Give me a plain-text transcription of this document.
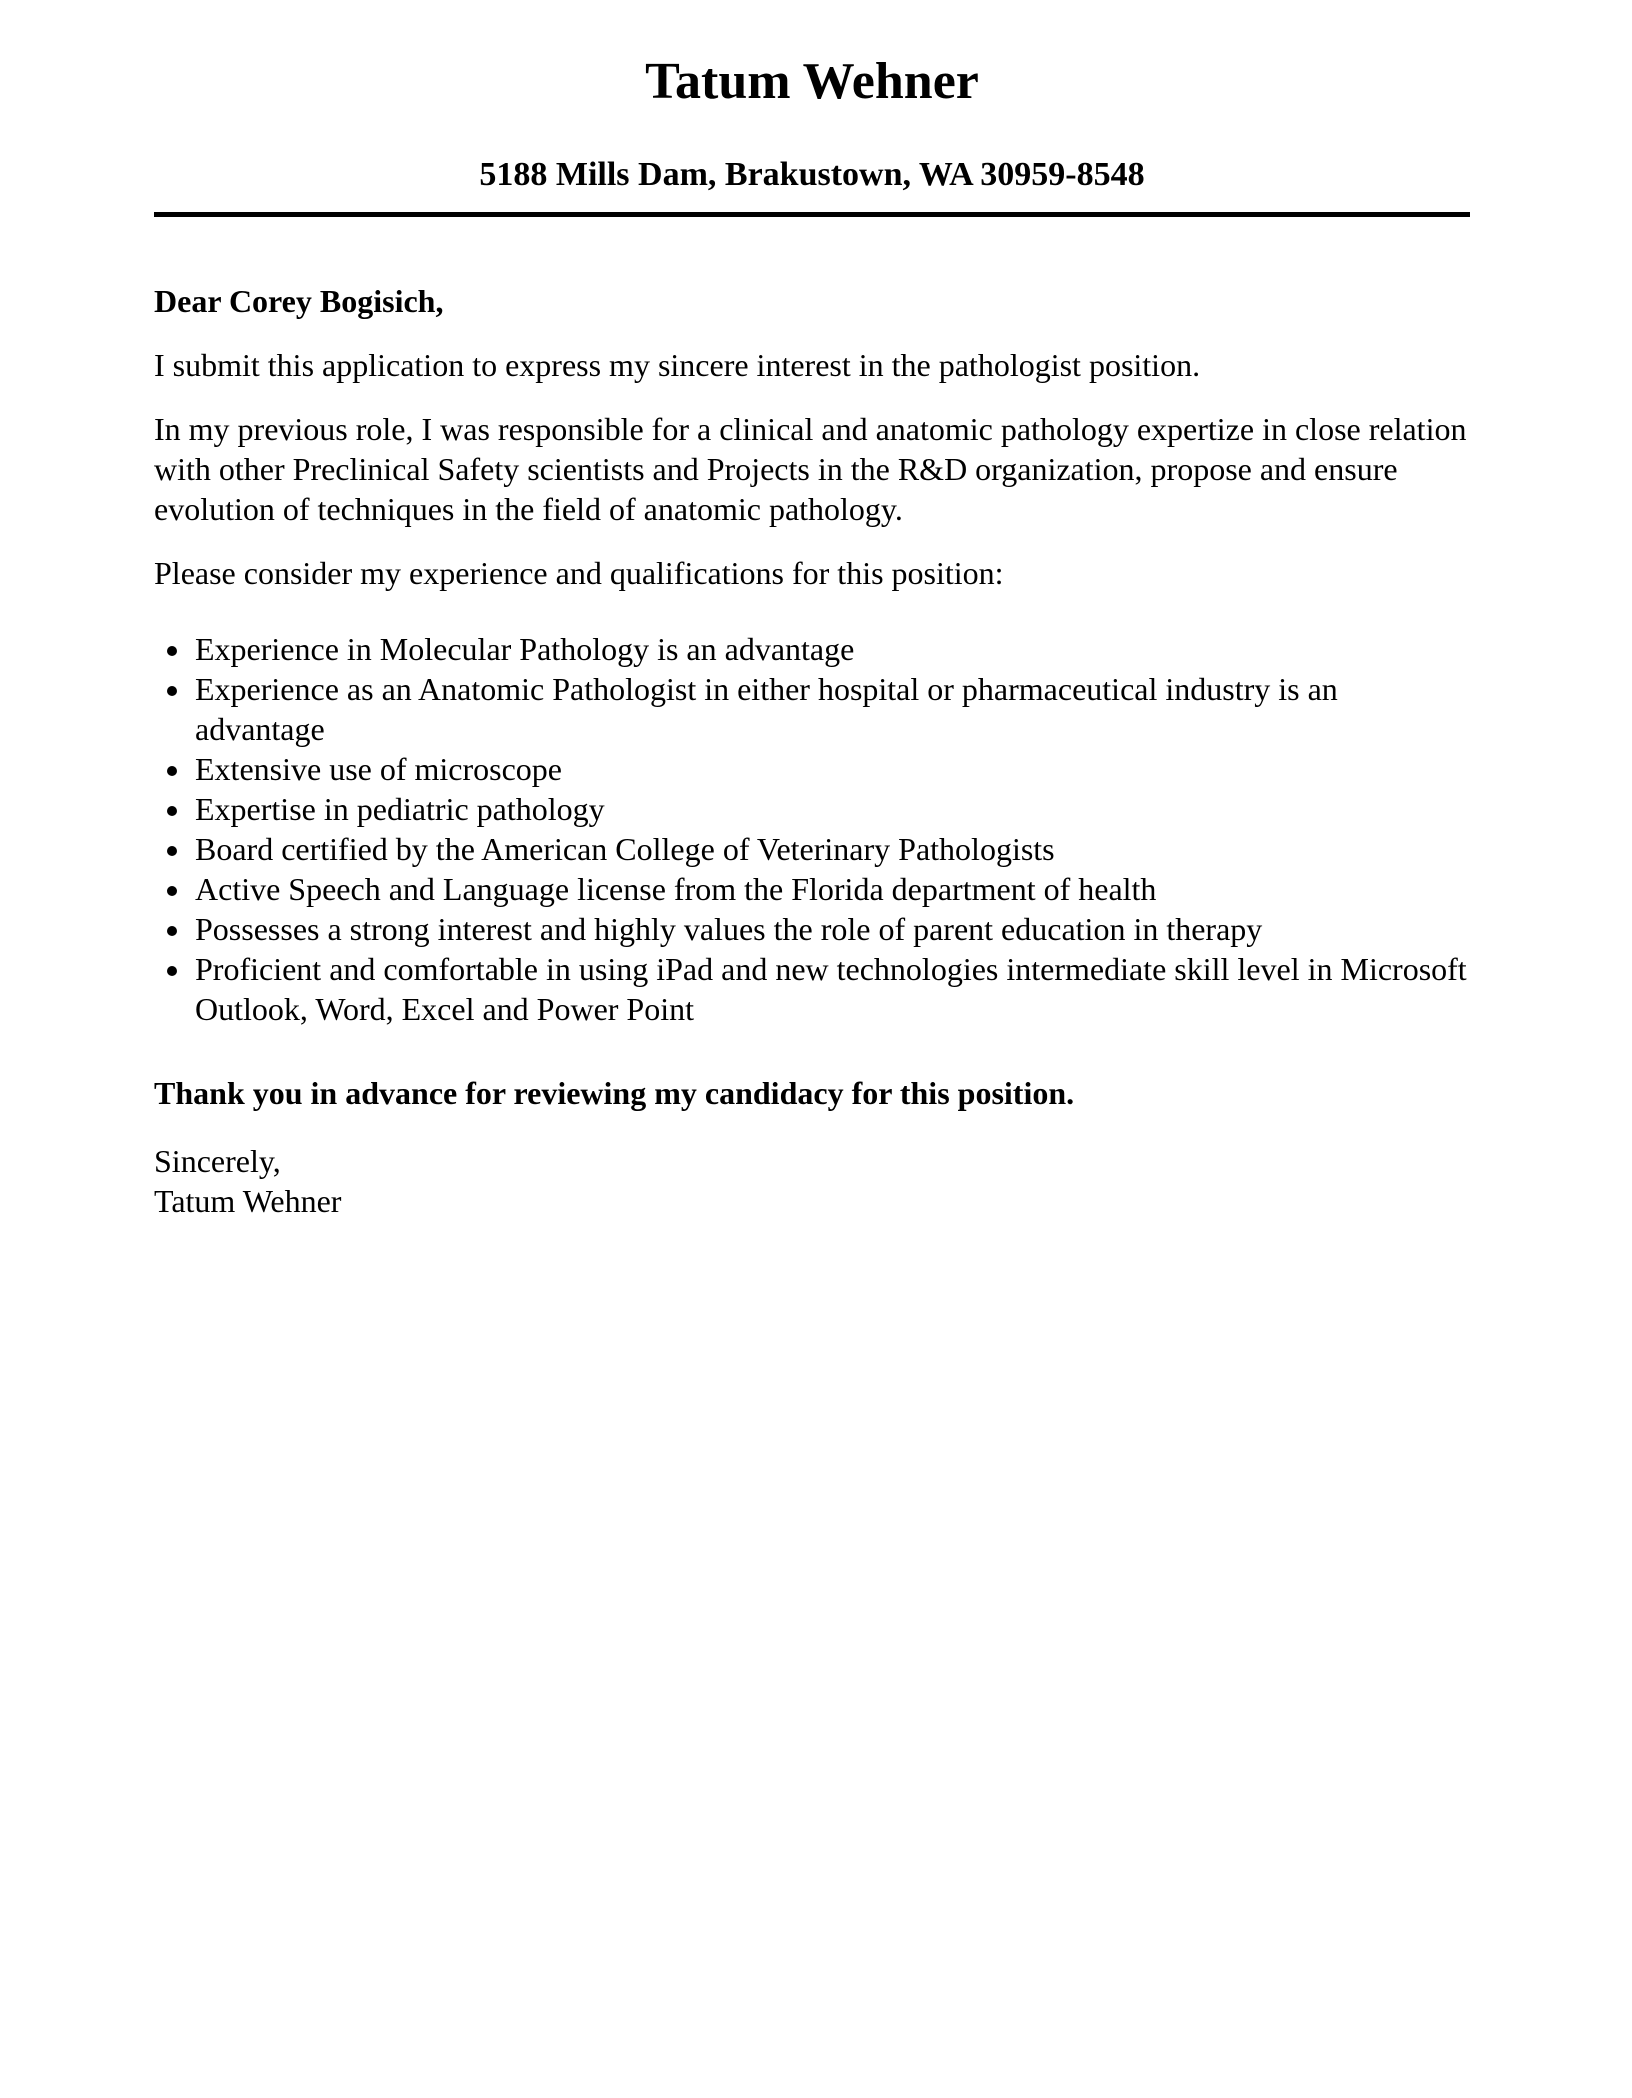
Tatum Wehner

5188 Mills Dam, Brakustown, WA 30959-8548

Dear Corey Bogisich,

I submit this application to express my sincere interest in the pathologist position.

In my previous role, I was responsible for a clinical and anatomic pathology expertize in close relation with other Preclinical Safety scientists and Projects in the R&D organization, propose and ensure evolution of techniques in the field of anatomic pathology.

Please consider my experience and qualifications for this position:

• Experience in Molecular Pathology is an advantage
• Experience as an Anatomic Pathologist in either hospital or pharmaceutical industry is an advantage
• Extensive use of microscope
• Expertise in pediatric pathology
• Board certified by the American College of Veterinary Pathologists
• Active Speech and Language license from the Florida department of health
• Possesses a strong interest and highly values the role of parent education in therapy
• Proficient and comfortable in using iPad and new technologies intermediate skill level in Microsoft Outlook, Word, Excel and Power Point

Thank you in advance for reviewing my candidacy for this position.

Sincerely,

Tatum Wehner
